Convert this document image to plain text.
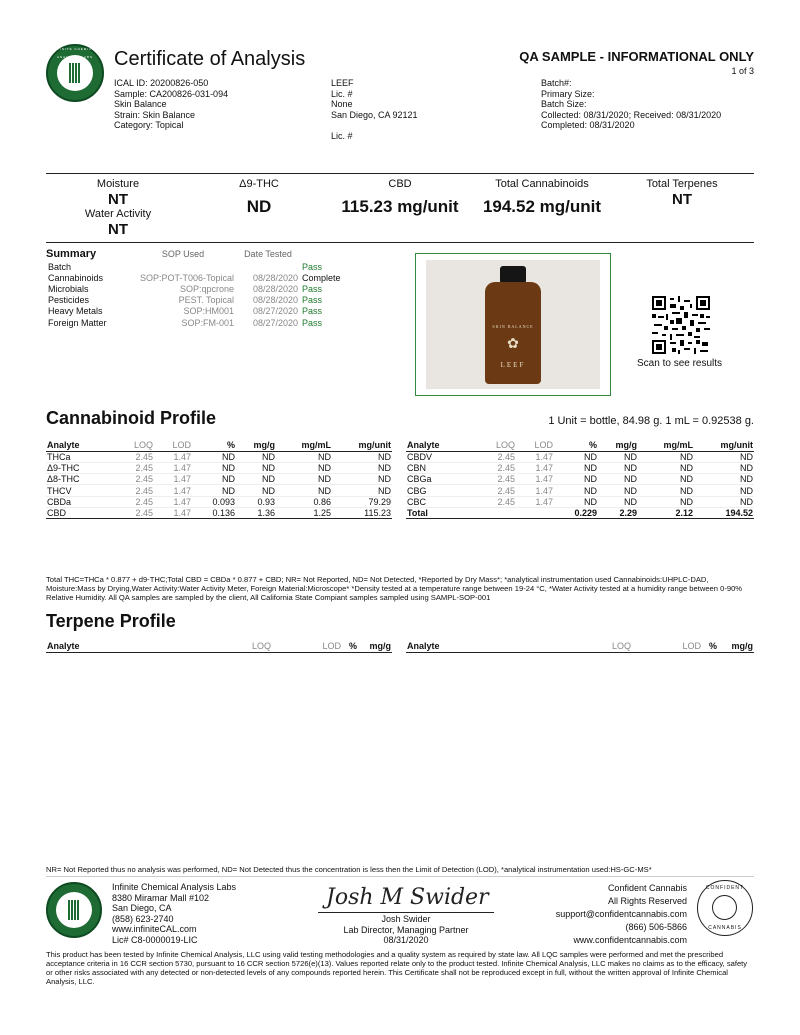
INFINITE CHEMICAL ANALYSIS LABS	Certificate of Analysis	QA SAMPLE - INFORMATIONAL ONLY
1 of 3
ICAL ID: 20200826-050
Sample: CA200826-031-094
Skin Balance
Strain: Skin Balance
Category: Topical
LEEF
Lic. #
None
San Diego, CA 92121
Lic. #
Batch#:
Primary Size:
Batch Size:
Collected: 08/31/2020; Received: 08/31/2020
Completed: 08/31/2020
Moisture
NT
Water Activity
NT
Δ9-THC
ND
CBD
115.23 mg/unit
Total Cannabinoids
194.52 mg/unit
Total Terpenes
NT
Summary	SOP Used	Date Tested	
Batch			Pass
Cannabinoids	SOP:POT-T006-Topical	08/28/2020	Complete
Microbials	SOP:qpcrone	08/28/2020	Pass
Pesticides	PEST. Topical	08/28/2020	Pass
Heavy Metals	SOP:HM001	08/27/2020	Pass
Foreign Matter	SOP:FM-001	08/27/2020	Pass	SKIN BALANCE
✿
LEEF	Scan to see results
Cannabinoid Profile	1 Unit = bottle, 84.98 g. 1 mL = 0.92538 g.
Analyte	LOQ	LOD	%	mg/g	mg/mL	mg/unit
THCa	2.45	1.47	ND	ND	ND	ND
Δ9-THC	2.45	1.47	ND	ND	ND	ND
Δ8-THC	2.45	1.47	ND	ND	ND	ND
THCV	2.45	1.47	ND	ND	ND	ND
CBDa	2.45	1.47	0.093	0.93	0.86	79.29
CBD	2.45	1.47	0.136	1.36	1.25	115.23
Analyte	LOQ	LOD	%	mg/g	mg/mL	mg/unit
CBDV	2.45	1.47	ND	ND	ND	ND
CBN	2.45	1.47	ND	ND	ND	ND
CBGa	2.45	1.47	ND	ND	ND	ND
CBG	2.45	1.47	ND	ND	ND	ND
CBC	2.45	1.47	ND	ND	ND	ND
Total			0.229	2.29	2.12	194.52
Total THC=THCa * 0.877 + d9-THC;Total CBD = CBDa * 0.877 + CBD; NR= Not Reported, ND= Not Detected, *Reported by Dry Mass*; *analytical instrumentation used Cannabinoids:UHPLC-DAD, Moisture:Mass by Drying,Water Activity:Water Activity Meter, Foreign Material:Microscope* *Density tested at a temperature range between 19-24 °C, *Water Activity tested at a humidity range between 0-90% Relative Humidity. All QA samples are sampled by the client, All California State Compiant samples sampled using SAMPL-SOP-001
Terpene Profile
Analyte	LOQ	LOD	%	mg/g Analyte	LOQ	LOD	%	mg/g
NR= Not Reported thus no analysis was performed, ND= Not Detected thus the concentration is less then the Limit of Detection (LOD), *analytical instrumentation used:HS-GC-MS*
Infinite Chemical Analysis Labs
8380 Miramar Mall #102
San Diego, CA
(858) 623-2740
www.infiniteCAL.com
Lic# C8-0000019-LIC
Josh M Swider
Josh Swider
Lab Director, Managing Partner
08/31/2020
Confident Cannabis
All Rights Reserved
support@confidentcannabis.com
(866) 506-5866
www.confidentcannabis.com
CONFIDENT
CANNABIS
This product has been tested by Infinite Chemical Analysis, LLC using valid testing methodologies and a quality system as required by state law. All LQC samples were performed and met the prescribed acceptance criteria in 16 CCR section 5730, pursuant to 16 CCR section 5726(e)(13). Values reported relate only to the product tested. Infinite Chemical Analysis, LLC makes no claims as to the efficacy, safety or other risks associated with any detected or non-detected levels of any compounds reported herein. This Certificate shall not be reproduced except in full, without the written approval of Infinite Chemical Analysis, LLC.
